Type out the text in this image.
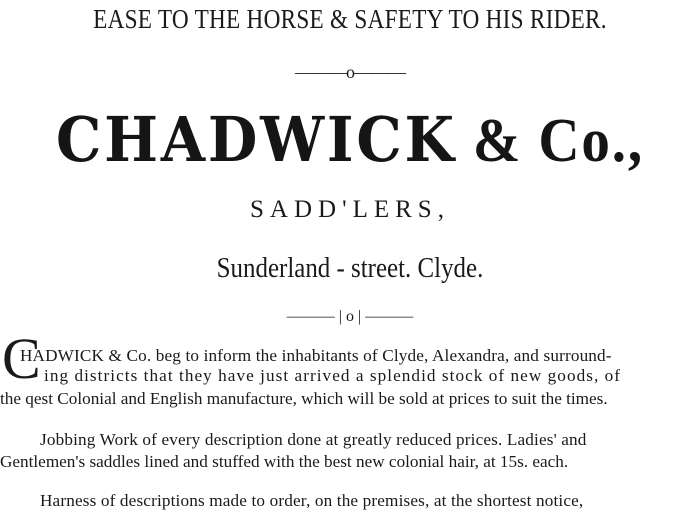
EASE TO THE HORSE & SAFETY TO HIS RIDER.
———o———
CHADWICK & Co.,
SADD'LERS,
Sunderland - street. Clyde.
——— | o | ———
C
HADWICK & Co. beg to inform the inhabitants of Clyde, Alexandra, and surround-
ing districts that they have just arrived a splendid stock of new goods, of
the qest Colonial and English manufacture, which will be sold at prices to suit the times.
Jobbing Work of every description done at greatly reduced prices. Ladies' and
Gentlemen's saddles lined and stuffed with the best new colonial hair, at 15s. each.
Harness of descriptions made to order, on the premises, at the shortest notice,
